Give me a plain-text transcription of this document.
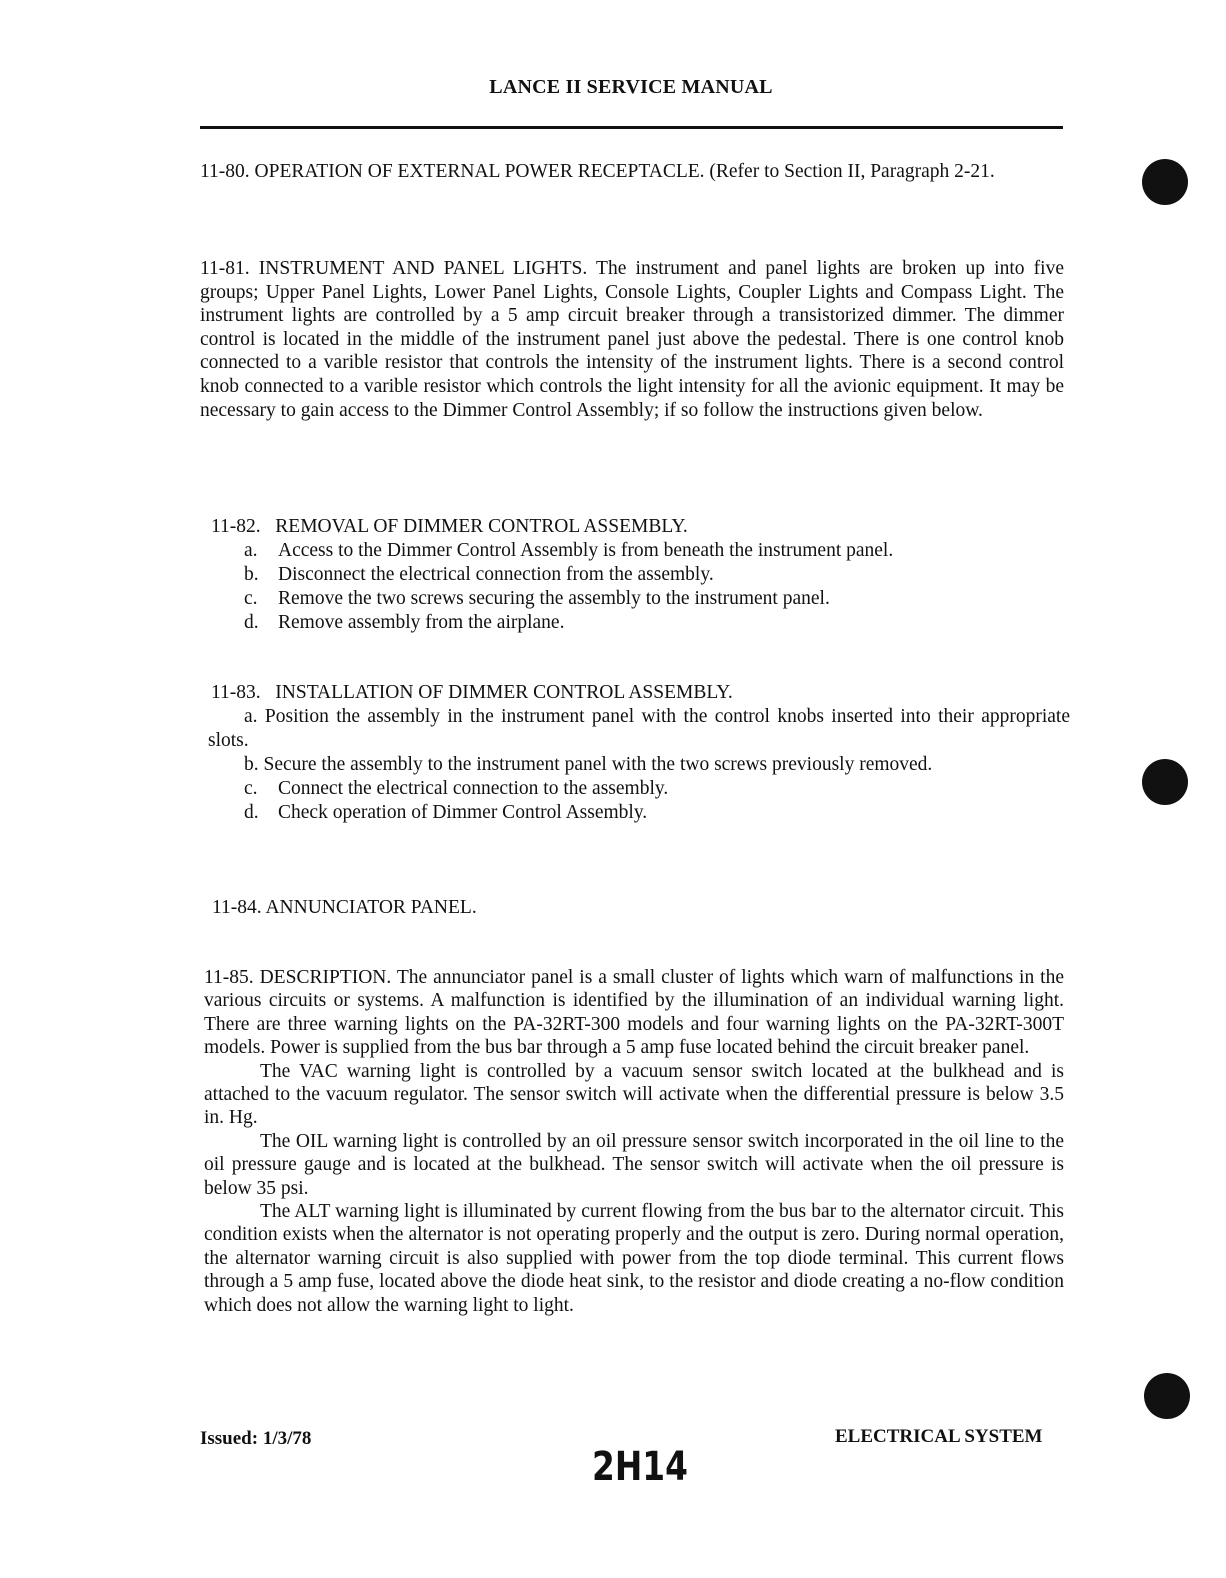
LANCE II SERVICE MANUAL

11-80. OPERATION OF EXTERNAL POWER RECEPTACLE. (Refer to Section II, Paragraph 2-21.

11-81. INSTRUMENT AND PANEL LIGHTS. The instrument and panel lights are broken up into five groups; Upper Panel Lights, Lower Panel Lights, Console Lights, Coupler Lights and Compass Light. The instrument lights are controlled by a 5 amp circuit breaker through a transistorized dimmer. The dimmer control is located in the middle of the instrument panel just above the pedestal. There is one control knob connected to a varible resistor that controls the intensity of the instrument lights. There is a second control knob connected to a varible resistor which controls the light intensity for all the avionic equipment. It may be necessary to gain access to the Dimmer Control Assembly; if so follow the instructions given below.

11-82.   REMOVAL OF DIMMER CONTROL ASSEMBLY.
a. Access to the Dimmer Control Assembly is from beneath the instrument panel.
b. Disconnect the electrical connection from the assembly.
c. Remove the two screws securing the assembly to the instrument panel.
d. Remove assembly from the airplane.
11-83.   INSTALLATION OF DIMMER CONTROL ASSEMBLY.
a. Position the assembly in the instrument panel with the control knobs inserted into their appropriate slots.
b. Secure the assembly to the instrument panel with the two screws previously removed.
c. Connect the electrical connection to the assembly.
d. Check operation of Dimmer Control Assembly.
11-84. ANNUNCIATOR PANEL.

11-85. DESCRIPTION. The annunciator panel is a small cluster of lights which warn of malfunctions in the various circuits or systems. A malfunction is identified by the illumination of an individual warning light. There are three warning lights on the PA-32RT-300 models and four warning lights on the PA-32RT-300T models. Power is supplied from the bus bar through a 5 amp fuse located behind the circuit breaker panel.

The VAC warning light is controlled by a vacuum sensor switch located at the bulkhead and is attached to the vacuum regulator. The sensor switch will activate when the differential pressure is below 3.5 in. Hg.

The OIL warning light is controlled by an oil pressure sensor switch incorporated in the oil line to the oil pressure gauge and is located at the bulkhead. The sensor switch will activate when the oil pressure is below 35 psi.

The ALT warning light is illuminated by current flowing from the bus bar to the alternator circuit. This condition exists when the alternator is not operating properly and the output is zero. During normal operation, the alternator warning circuit is also supplied with power from the top diode terminal. This current flows through a 5 amp fuse, located above the diode heat sink, to the resistor and diode creating a no-flow condition which does not allow the warning light to light.

Issued: 1/3/78
2H14
ELECTRICAL SYSTEM
